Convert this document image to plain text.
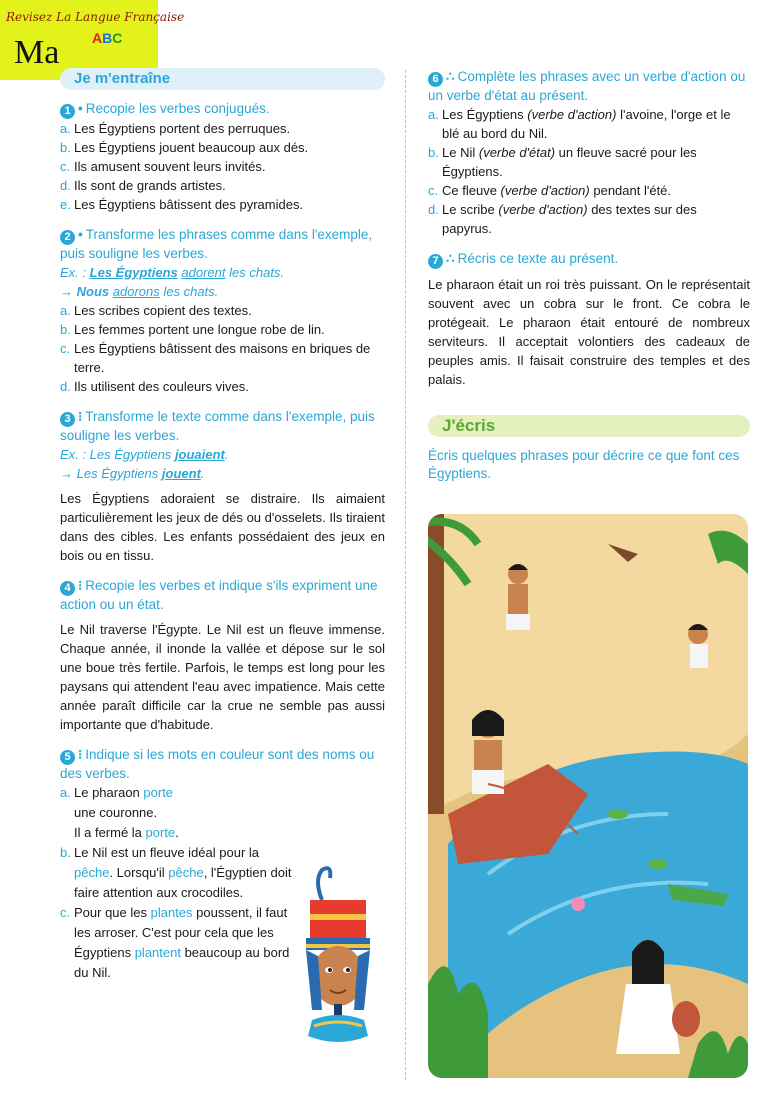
Revisez La Langue Française
Ma ABC
Je m'entraîne
1 • Recopie les verbes conjugués.
a. Les Égyptiens portent des perruques.
b. Les Égyptiens jouent beaucoup aux dés.
c. Ils amusent souvent leurs invités.
d. Ils sont de grands artistes.
e. Les Égyptiens bâtissent des pyramides.
2 • Transforme les phrases comme dans l'exemple, puis souligne les verbes.
Ex. : Les Égyptiens adorent les chats.
→ Nous adorons les chats.
a. Les scribes copient des textes.
b. Les femmes portent une longue robe de lin.
c. Les Égyptiens bâtissent des maisons en briques de terre.
d. Ils utilisent des couleurs vives.
3 ⁝ Transforme le texte comme dans l'exemple, puis souligne les verbes.
Ex. : Les Égyptiens jouaient.
→ Les Égyptiens jouent.
Les Égyptiens adoraient se distraire. Ils aimaient particulièrement les jeux de dés ou d'osselets. Ils tiraient dans des cibles. Les enfants possédaient des jeux en bois ou en tissu.
4 ⁝ Recopie les verbes et indique s'ils expriment une action ou un état.
Le Nil traverse l'Égypte. Le Nil est un fleuve immense. Chaque année, il inonde la vallée et dépose sur le sol une boue très fertile. Parfois, le temps est long pour les paysans qui attendent l'eau avec impatience. Mais cette année paraît difficile car la crue ne semble pas aussi importante que d'habitude.
5 ⁝ Indique si les mots en couleur sont des noms ou des verbes.
a. Le pharaon porte
une couronne.
Il a fermé la porte.
b. Le Nil est un fleuve idéal pour la pêche. Lorsqu'il pêche, l'Égyptien doit faire attention aux crocodiles.
c. Pour que les plantes poussent, il faut les arroser. C'est pour cela que les Égyptiens plantent beaucoup au bord du Nil.
6 ∴ Complète les phrases avec un verbe d'action ou un verbe d'état au présent.
a. Les Égyptiens (verbe d'action) l'avoine, l'orge et le blé au bord du Nil.
b. Le Nil (verbe d'état) un fleuve sacré pour les Égyptiens.
c. Ce fleuve (verbe d'action) pendant l'été.
d. Le scribe (verbe d'action) des textes sur des papyrus.
7 ∴ Récris ce texte au présent.
Le pharaon était un roi très puissant. On le représentait souvent avec un cobra sur le front. Ce cobra le protégeait. Le pharaon était entouré de nombreux serviteurs. Il acceptait volontiers des cadeaux de peuples amis. Il faisait construire des temples et des palais.
J'écris
Écris quelques phrases pour décrire ce que font ces Égyptiens.
